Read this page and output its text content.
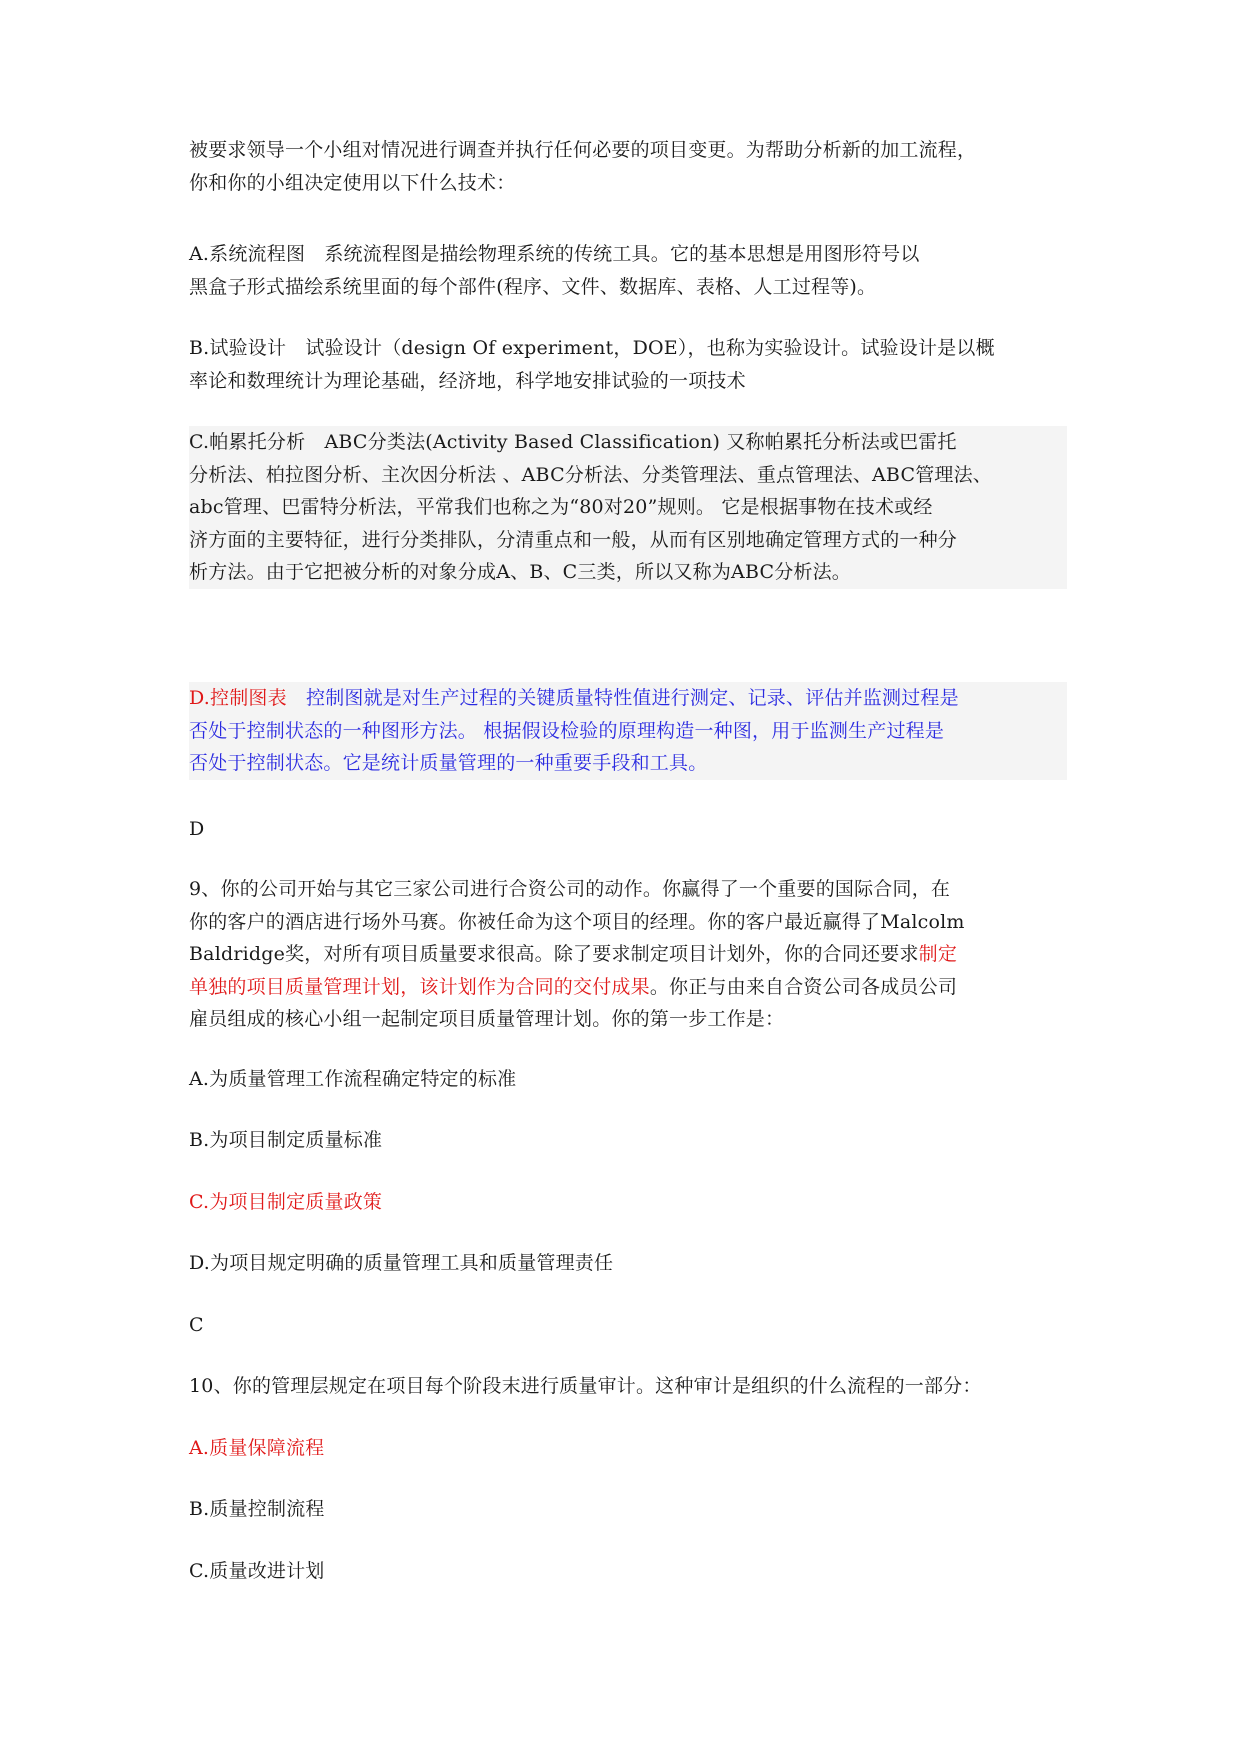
被要求领导一个小组对情况进行调查并执行任何必要的项目变更。为帮助分析新的加工流程，
你和你的小组决定使用以下什么技术：
A.系统流程图　系统流程图是描绘物理系统的传统工具。它的基本思想是用图形符号以
黑盒子形式描绘系统里面的每个部件(程序、文件、数据库、表格、人工过程等)。
B.试验设计　试验设计（design Of experiment，DOE），也称为实验设计。试验设计是以概
率论和数理统计为理论基础，经济地，科学地安排试验的一项技术
C.帕累托分析　ABC分类法(Activity Based Classification) 又称帕累托分析法或巴雷托
分析法、柏拉图分析、主次因分析法 、ABC分析法、分类管理法、重点管理法、ABC管理法、
abc管理、巴雷特分析法，平常我们也称之为“80对20”规则。 它是根据事物在技术或经
济方面的主要特征，进行分类排队，分清重点和一般，从而有区别地确定管理方式的一种分
析方法。由于它把被分析的对象分成A、B、C三类，所以又称为ABC分析法。
D.控制图表　控制图就是对生产过程的关键质量特性值进行测定、记录、评估并监测过程是
否处于控制状态的一种图形方法。 根据假设检验的原理构造一种图，用于监测生产过程是
否处于控制状态。它是统计质量管理的一种重要手段和工具。
D
9、你的公司开始与其它三家公司进行合资公司的动作。你赢得了一个重要的国际合同，在
你的客户的酒店进行场外马赛。你被任命为这个项目的经理。你的客户最近赢得了Malcolm
Baldridge奖，对所有项目质量要求很高。除了要求制定项目计划外，你的合同还要求制定
单独的项目质量管理计划，该计划作为合同的交付成果。你正与由来自合资公司各成员公司
雇员组成的核心小组一起制定项目质量管理计划。你的第一步工作是：
A.为质量管理工作流程确定特定的标准
B.为项目制定质量标准
C.为项目制定质量政策
D.为项目规定明确的质量管理工具和质量管理责任
C
10、你的管理层规定在项目每个阶段末进行质量审计。这种审计是组织的什么流程的一部分：
A.质量保障流程
B.质量控制流程
C.质量改进计划
